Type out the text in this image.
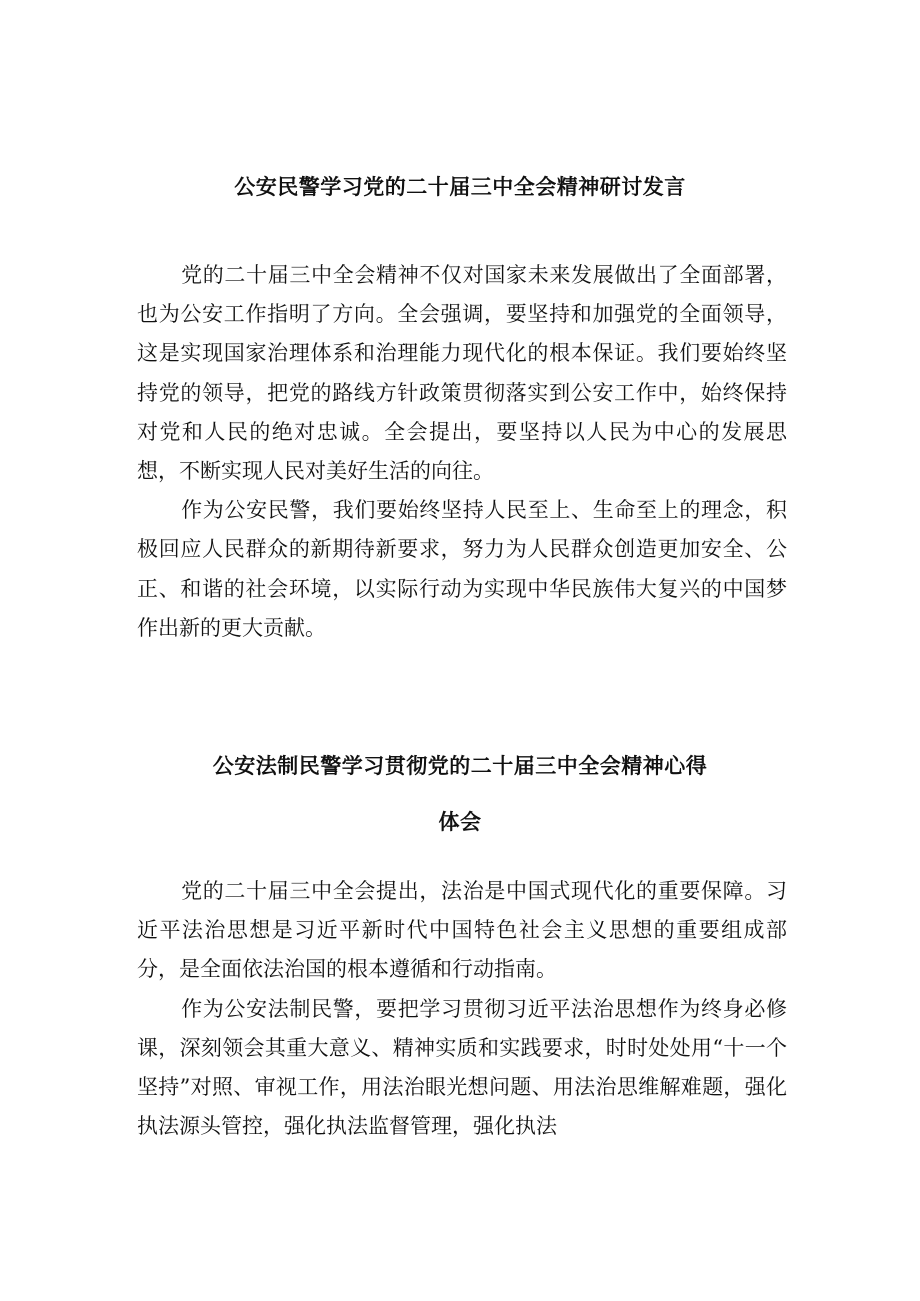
公安民警学习党的二十届三中全会精神研讨发言

党的二十届三中全会精神不仅对国家未来发展做出了全面部署，也为公安工作指明了方向。全会强调，要坚持和加强党的全面领导，这是实现国家治理体系和治理能力现代化的根本保证。我们要始终坚持党的领导，把党的路线方针政策贯彻落实到公安工作中，始终保持对党和人民的绝对忠诚。全会提出，要坚持以人民为中心的发展思想，不断实现人民对美好生活的向往。

作为公安民警，我们要始终坚持人民至上、生命至上的理念，积极回应人民群众的新期待新要求，努力为人民群众创造更加安全、公正、和谐的社会环境，以实际行动为实现中华民族伟大复兴的中国梦作出新的更大贡献。

公安法制民警学习贯彻党的二十届三中全会精神心得
体会

党的二十届三中全会提出，法治是中国式现代化的重要保障。习近平法治思想是习近平新时代中国特色社会主义思想的重要组成部分，是全面依法治国的根本遵循和行动指南。

作为公安法制民警，要把学习贯彻习近平法治思想作为终身必修课，深刻领会其重大意义、精神实质和实践要求，时时处处用“十一个坚持”对照、审视工作，用法治眼光想问题、用法治思维解难题，强化执法源头管控，强化执法监督管理，强化执法
